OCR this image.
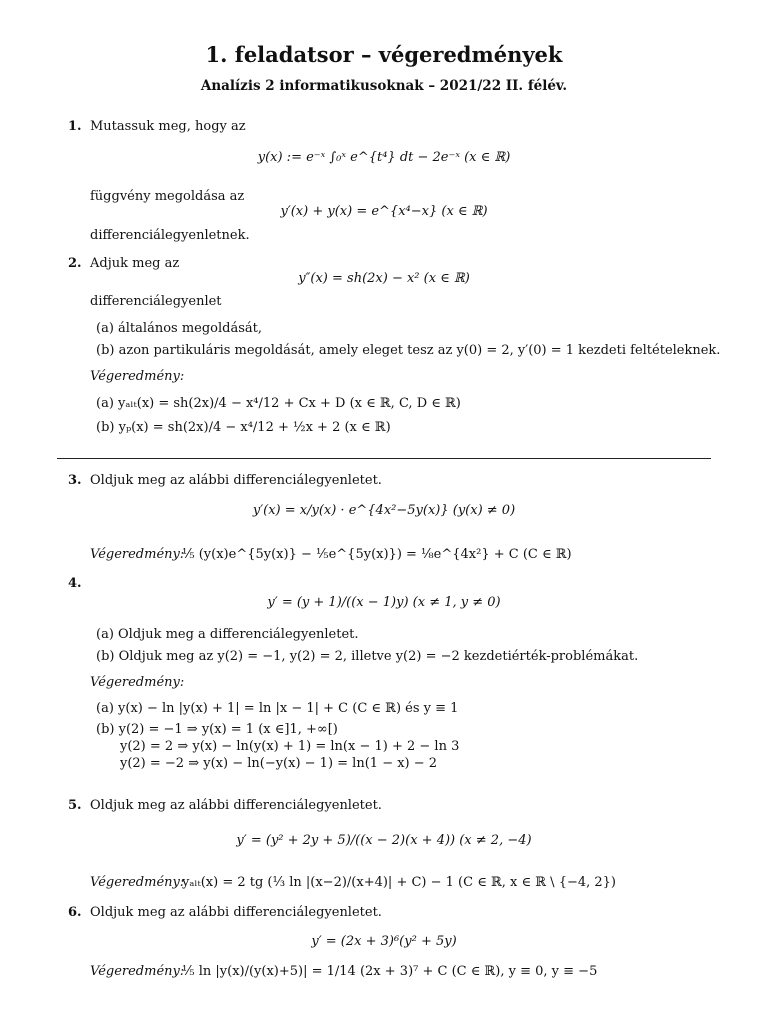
1. feladatsor – végeredmények
Analízis 2 informatikusoknak – 2021/22 II. félév.
1. Mutassuk meg, hogy az
y(x) := e⁻ˣ ∫₀ˣ e^{t⁴} dt − 2e⁻ˣ (x ∈ ℝ)
függvény megoldása az
y′(x) + y(x) = e^{x⁴−x} (x ∈ ℝ)
differenciálegyenletnek.
2. Adjuk meg az
y″(x) = sh(2x) − x² (x ∈ ℝ)
differenciálegyenlet
(a) általános megoldását,
(b) azon partikuláris megoldását, amely eleget tesz az y(0) = 2, y′(0) = 1 kezdeti feltételeknek.
Végeredmény:
(a) yₐₗₜ(x) = sh(2x)/4 − x⁴/12 + Cx + D (x ∈ ℝ, C, D ∈ ℝ)
(b) yₚ(x) = sh(2x)/4 − x⁴/12 + ½x + 2 (x ∈ ℝ)
3. Oldjuk meg az alábbi differenciálegyenletet.
y′(x) = x/y(x) · e^{4x²−5y(x)} (y(x) ≠ 0)
Végeredmény:
⅕ (y(x)e^{5y(x)} − ⅕e^{5y(x)}) = ⅛e^{4x²} + C (C ∈ ℝ)
4.
y′ = (y + 1)/((x − 1)y) (x ≠ 1, y ≠ 0)
(a) Oldjuk meg a differenciálegyenletet.
(b) Oldjuk meg az y(2) = −1, y(2) = 2, illetve y(2) = −2 kezdetiérték-problémákat.
Végeredmény:
(a) y(x) − ln |y(x) + 1| = ln |x − 1| + C (C ∈ ℝ) és y ≡ 1
(b) y(2) = −1 ⇒ y(x) = 1 (x ∈]1, +∞[)
y(2) = 2 ⇒ y(x) − ln(y(x) + 1) = ln(x − 1) + 2 − ln 3
y(2) = −2 ⇒ y(x) − ln(−y(x) − 1) = ln(1 − x) − 2
5. Oldjuk meg az alábbi differenciálegyenletet.
y′ = (y² + 2y + 5)/((x − 2)(x + 4)) (x ≠ 2, −4)
Végeredmény:
yₐₗₜ(x) = 2 tg (⅓ ln |(x−2)/(x+4)| + C) − 1 (C ∈ ℝ, x ∈ ℝ \ {−4, 2})
6. Oldjuk meg az alábbi differenciálegyenletet.
y′ = (2x + 3)⁶(y² + 5y)
Végeredmény:
⅕ ln |y(x)/(y(x)+5)| = 1/14 (2x + 3)⁷ + C (C ∈ ℝ), y ≡ 0, y ≡ −5
